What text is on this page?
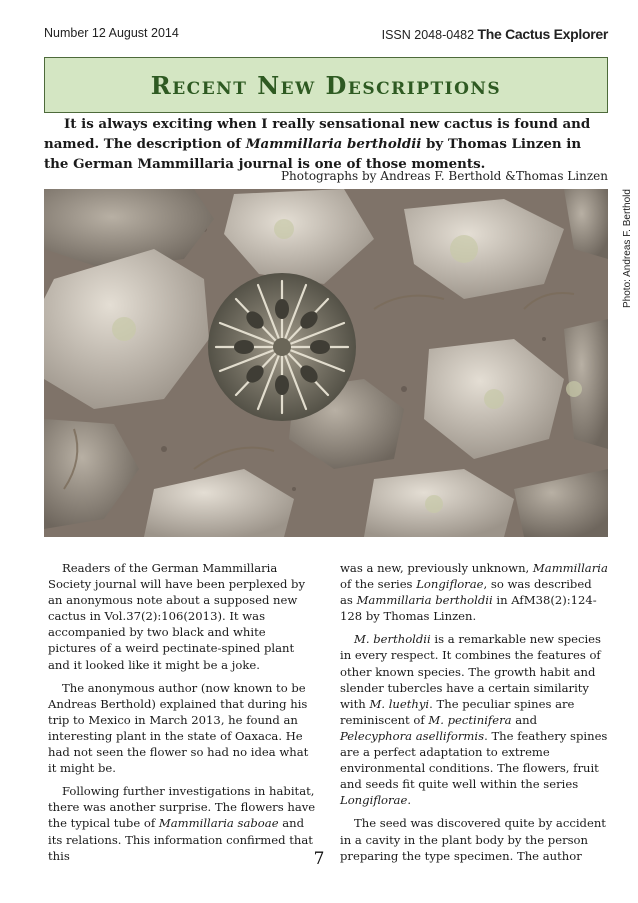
Number 12 August 2014	ISSN 2048-0482 The Cactus Explorer
Recent New Descriptions
It is always exciting when I really sensational new cactus is found and named. The description of Mammillaria bertholdii by Thomas Linzen in the German Mammillaria journal is one of those moments.
Photographs by Andreas F. Berthold &Thomas Linzen
Photo: Andreas F. Berthold

Readers of the German Mammillaria Society journal will have been perplexed by an anonymous note about a supposed new cactus in Vol.37(2):106(2013). It was accompanied by two black and white pictures of a weird pectinate-spined plant and it looked like it might be a joke.

The anonymous author (now known to be Andreas Berthold) explained that during his trip to Mexico in March 2013, he found an interesting plant in the state of Oaxaca. He had not seen the flower so had no idea what it might be.

Following further investigations in habitat, there was another surprise. The flowers have the typical tube of Mammillaria saboae and its relations. This information confirmed that this

was a new, previously unknown, Mammillaria of the series Longiflorae, so was described as Mammillaria bertholdii in AfM38(2):124-128 by Thomas Linzen.

M. bertholdii is a remarkable new species in every respect. It combines the features of other known species. The growth habit and slender tubercles have a certain similarity with M. luethyi. The peculiar spines are reminiscent of M. pectinifera and Pelecyphora aselliformis. The feathery spines are a perfect adaptation to extreme environmental conditions. The flowers, fruit and seeds fit quite well within the series Longiflorae.

The seed was discovered quite by accident in a cavity in the plant body by the person preparing the type specimen. The author

7
